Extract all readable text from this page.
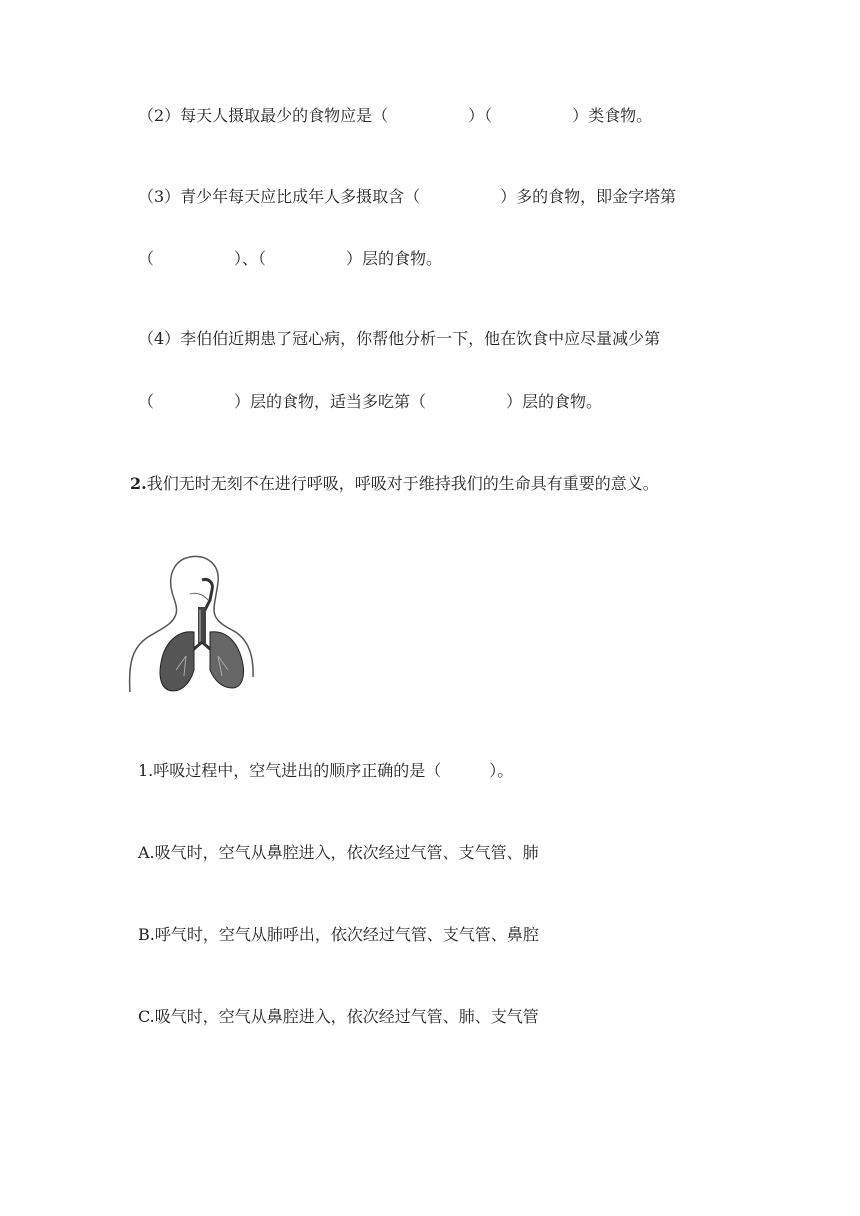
（2）每天人摄取最少的食物应是（　　　　　）（　　　　　）类食物。
（3）青少年每天应比成年人多摄取含（　　　　　）多的食物，即金字塔第
（　　　　　）、（　　　　　）层的食物。
（4）李伯伯近期患了冠心病，你帮他分析一下，他在饮食中应尽量减少第
（　　　　　）层的食物，适当多吃第（　　　　　）层的食物。
2.我们无时无刻不在进行呼吸，呼吸对于维持我们的生命具有重要的意义。
1.呼吸过程中，空气进出的顺序正确的是（　　　）。
A.吸气时，空气从鼻腔进入，依次经过气管、支气管、肺
B.呼气时，空气从肺呼出，依次经过气管、支气管、鼻腔
C.吸气时，空气从鼻腔进入，依次经过气管、肺、支气管
